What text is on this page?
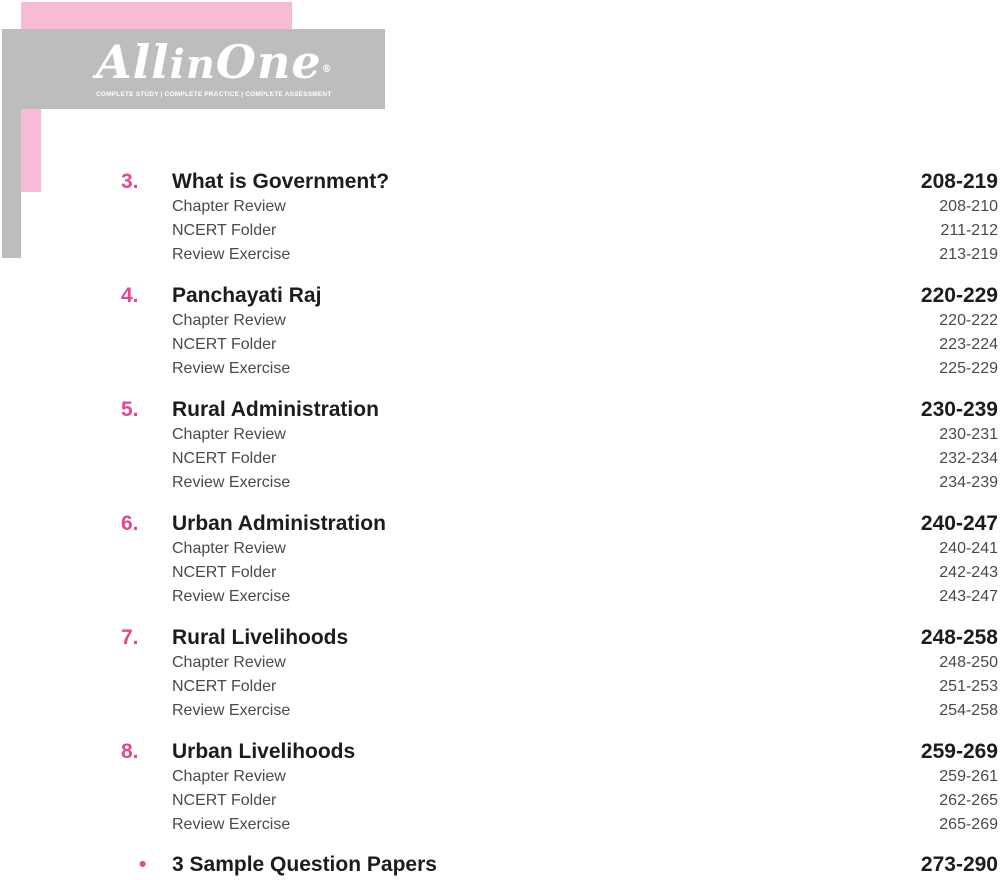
AllinOne®
COMPLETE STUDY | COMPLETE PRACTICE | COMPLETE ASSESSMENT
3. What is Government?	208-219
Chapter Review	208-210
NCERT Folder	211-212
Review Exercise	213-219
4. Panchayati Raj	220-229
Chapter Review	220-222
NCERT Folder	223-224
Review Exercise	225-229
5. Rural Administration	230-239
Chapter Review	230-231
NCERT Folder	232-234
Review Exercise	234-239
6. Urban Administration	240-247
Chapter Review	240-241
NCERT Folder	242-243
Review Exercise	243-247
7. Rural Livelihoods	248-258
Chapter Review	248-250
NCERT Folder	251-253
Review Exercise	254-258
8. Urban Livelihoods	259-269
Chapter Review	259-261
NCERT Folder	262-265
Review Exercise	265-269
• 3 Sample Question Papers	273-290
